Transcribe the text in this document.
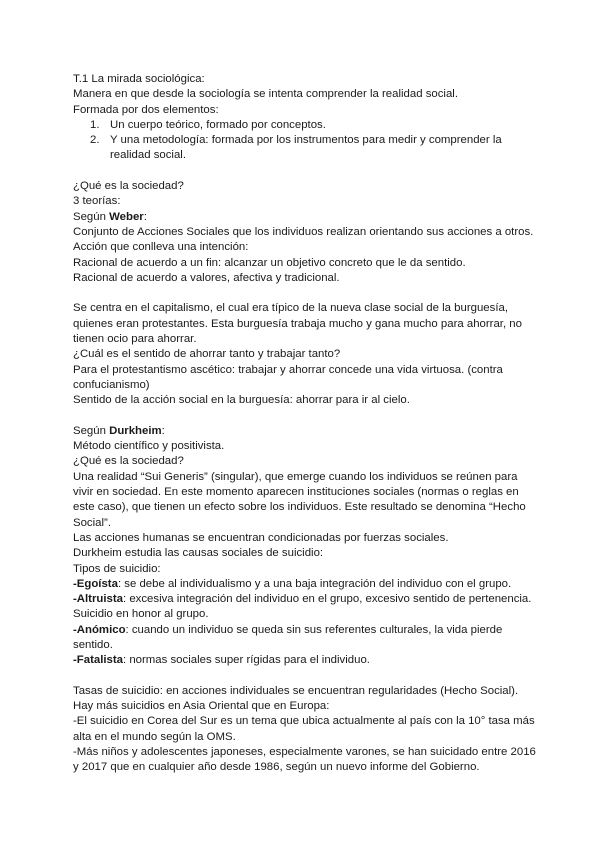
T.1 La mirada sociológica:
Manera en que desde la sociología se intenta comprender la realidad social.
Formada por dos elementos:
1. Un cuerpo teórico, formado por conceptos.
2. Y una metodología: formada por los instrumentos para medir y comprender la
realidad social.
¿Qué es la sociedad?
3 teorías:
Según Weber:
Conjunto de Acciones Sociales que los individuos realizan orientando sus acciones a otros.
Acción que conlleva una intención:
Racional de acuerdo a un fin: alcanzar un objetivo concreto que le da sentido.
Racional de acuerdo a valores, afectiva y tradicional.
Se centra en el capitalismo, el cual era típico de la nueva clase social de la burguesía,
quienes eran protestantes. Esta burguesía trabaja mucho y gana mucho para ahorrar, no
tienen ocio para ahorrar.
¿Cuál es el sentido de ahorrar tanto y trabajar tanto?
Para el protestantismo ascético: trabajar y ahorrar concede una vida virtuosa. (contra
confucianismo)
Sentido de la acción social en la burguesía: ahorrar para ir al cielo.
Según Durkheim:
Método científico y positivista.
¿Qué es la sociedad?
Una realidad “Sui Generis” (singular), que emerge cuando los individuos se reúnen para
vivir en sociedad. En este momento aparecen instituciones sociales (normas o reglas en
este caso), que tienen un efecto sobre los individuos. Este resultado se denomina “Hecho
Social”.
Las acciones humanas se encuentran condicionadas por fuerzas sociales.
Durkheim estudia las causas sociales de suicidio:
Tipos de suicidio:
-Egoísta: se debe al individualismo y a una baja integración del individuo con el grupo.
-Altruista: excesiva integración del individuo en el grupo, excesivo sentido de pertenencia.
Suicidio en honor al grupo.
-Anómico: cuando un individuo se queda sin sus referentes culturales, la vida pierde
sentido.
-Fatalista: normas sociales super rígidas para el individuo.
Tasas de suicidio: en acciones individuales se encuentran regularidades (Hecho Social).
Hay más suicidios en Asia Oriental que en Europa:
-El suicidio en Corea del Sur es un tema que ubica actualmente al país con la 10° tasa más
alta en el mundo según la OMS.
-Más niños y adolescentes japoneses, especialmente varones, se han suicidado entre 2016
y 2017 que en cualquier año desde 1986, según un nuevo informe del Gobierno.
